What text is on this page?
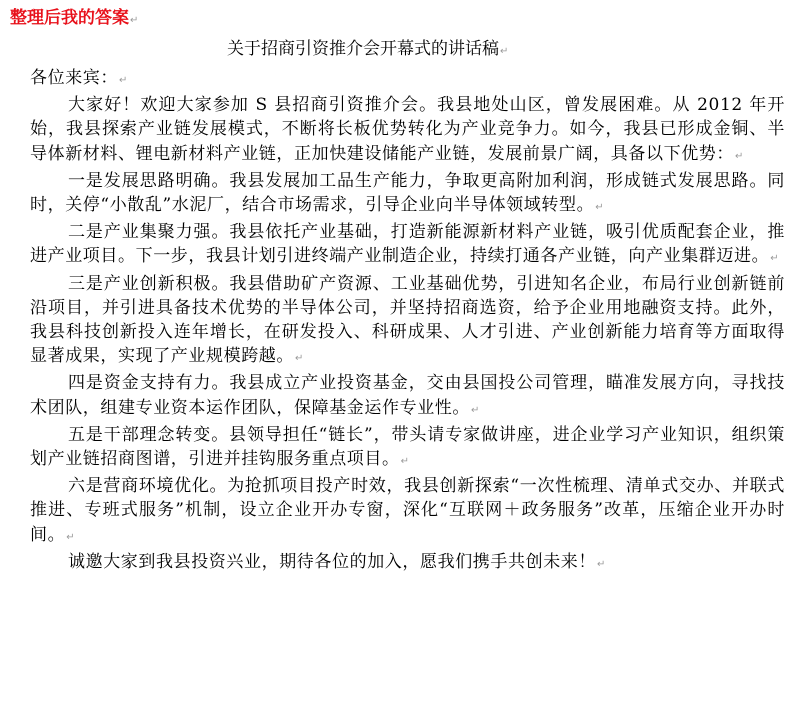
整理后我的答案↵
关于招商引资推介会开幕式的讲话稿↵

各位来宾：↵

大家好！欢迎大家参加 S 县招商引资推介会。我县地处山区，曾发展困难。从 2012 年开始，我县探索产业链发展模式，不断将长板优势转化为产业竞争力。如今，我县已形成金铜、半导体新材料、锂电新材料产业链，正加快建设储能产业链，发展前景广阔，具备以下优势：↵

一是发展思路明确。我县发展加工品生产能力，争取更高附加利润，形成链式发展思路。同时，关停“小散乱”水泥厂，结合市场需求，引导企业向半导体领域转型。↵

二是产业集聚力强。我县依托产业基础，打造新能源新材料产业链，吸引优质配套企业，推进产业项目。下一步，我县计划引进终端产业制造企业，持续打通各产业链，向产业集群迈进。↵

三是产业创新积极。我县借助矿产资源、工业基础优势，引进知名企业，布局行业创新链前沿项目，并引进具备技术优势的半导体公司，并坚持招商选资，给予企业用地融资支持。此外，我县科技创新投入连年增长，在研发投入、科研成果、人才引进、产业创新能力培育等方面取得显著成果，实现了产业规模跨越。↵

四是资金支持有力。我县成立产业投资基金，交由县国投公司管理，瞄准发展方向，寻找技术团队，组建专业资本运作团队，保障基金运作专业性。↵

五是干部理念转变。县领导担任“链长”，带头请专家做讲座，进企业学习产业知识，组织策划产业链招商图谱，引进并挂钩服务重点项目。↵

六是营商环境优化。为抢抓项目投产时效，我县创新探索“一次性梳理、清单式交办、并联式推进、专班式服务”机制，设立企业开办专窗，深化“互联网＋政务服务”改革，压缩企业开办时间。↵

诚邀大家到我县投资兴业，期待各位的加入，愿我们携手共创未来！↵
